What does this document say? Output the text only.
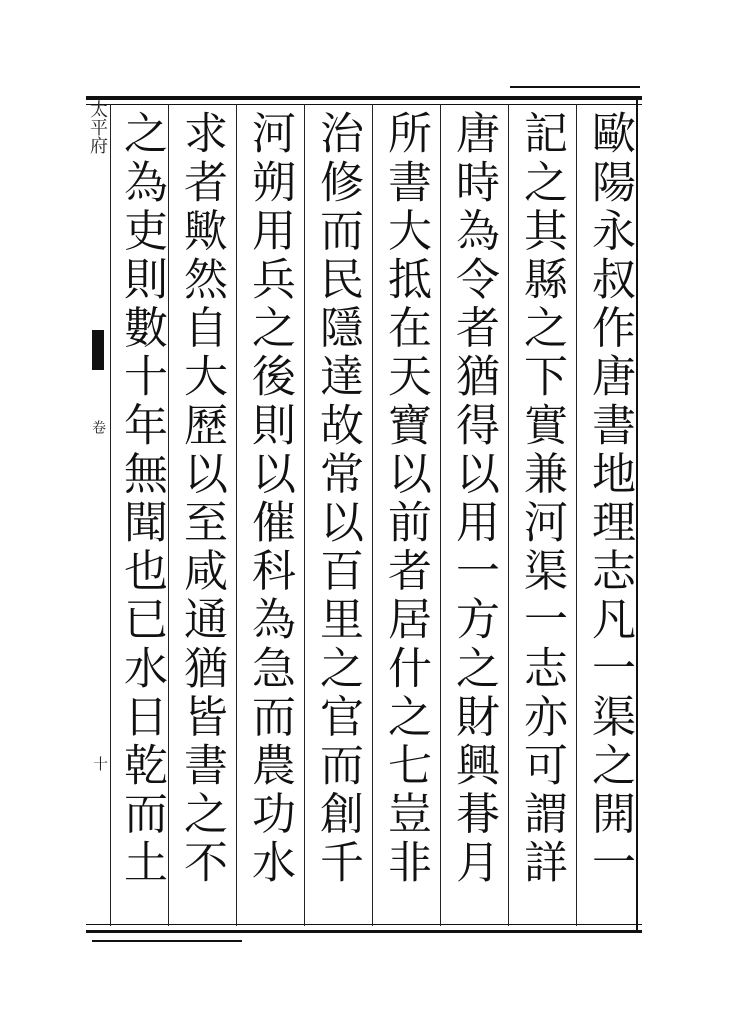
太平府
卷
十
歐陽永叔作唐書地理志凡一渠之開一
記之其縣之下實兼河渠一志亦可謂詳
唐時為令者猶得以用一方之財興朞月
所書大抵在天寶以前者居什之七豈非
治修而民隱達故常以百里之官而創千
河朔用兵之後則以催科為急而農功水
求者歟然自大歷以至咸通猶皆書之不
之為吏則數十年無聞也已水日乾而土
